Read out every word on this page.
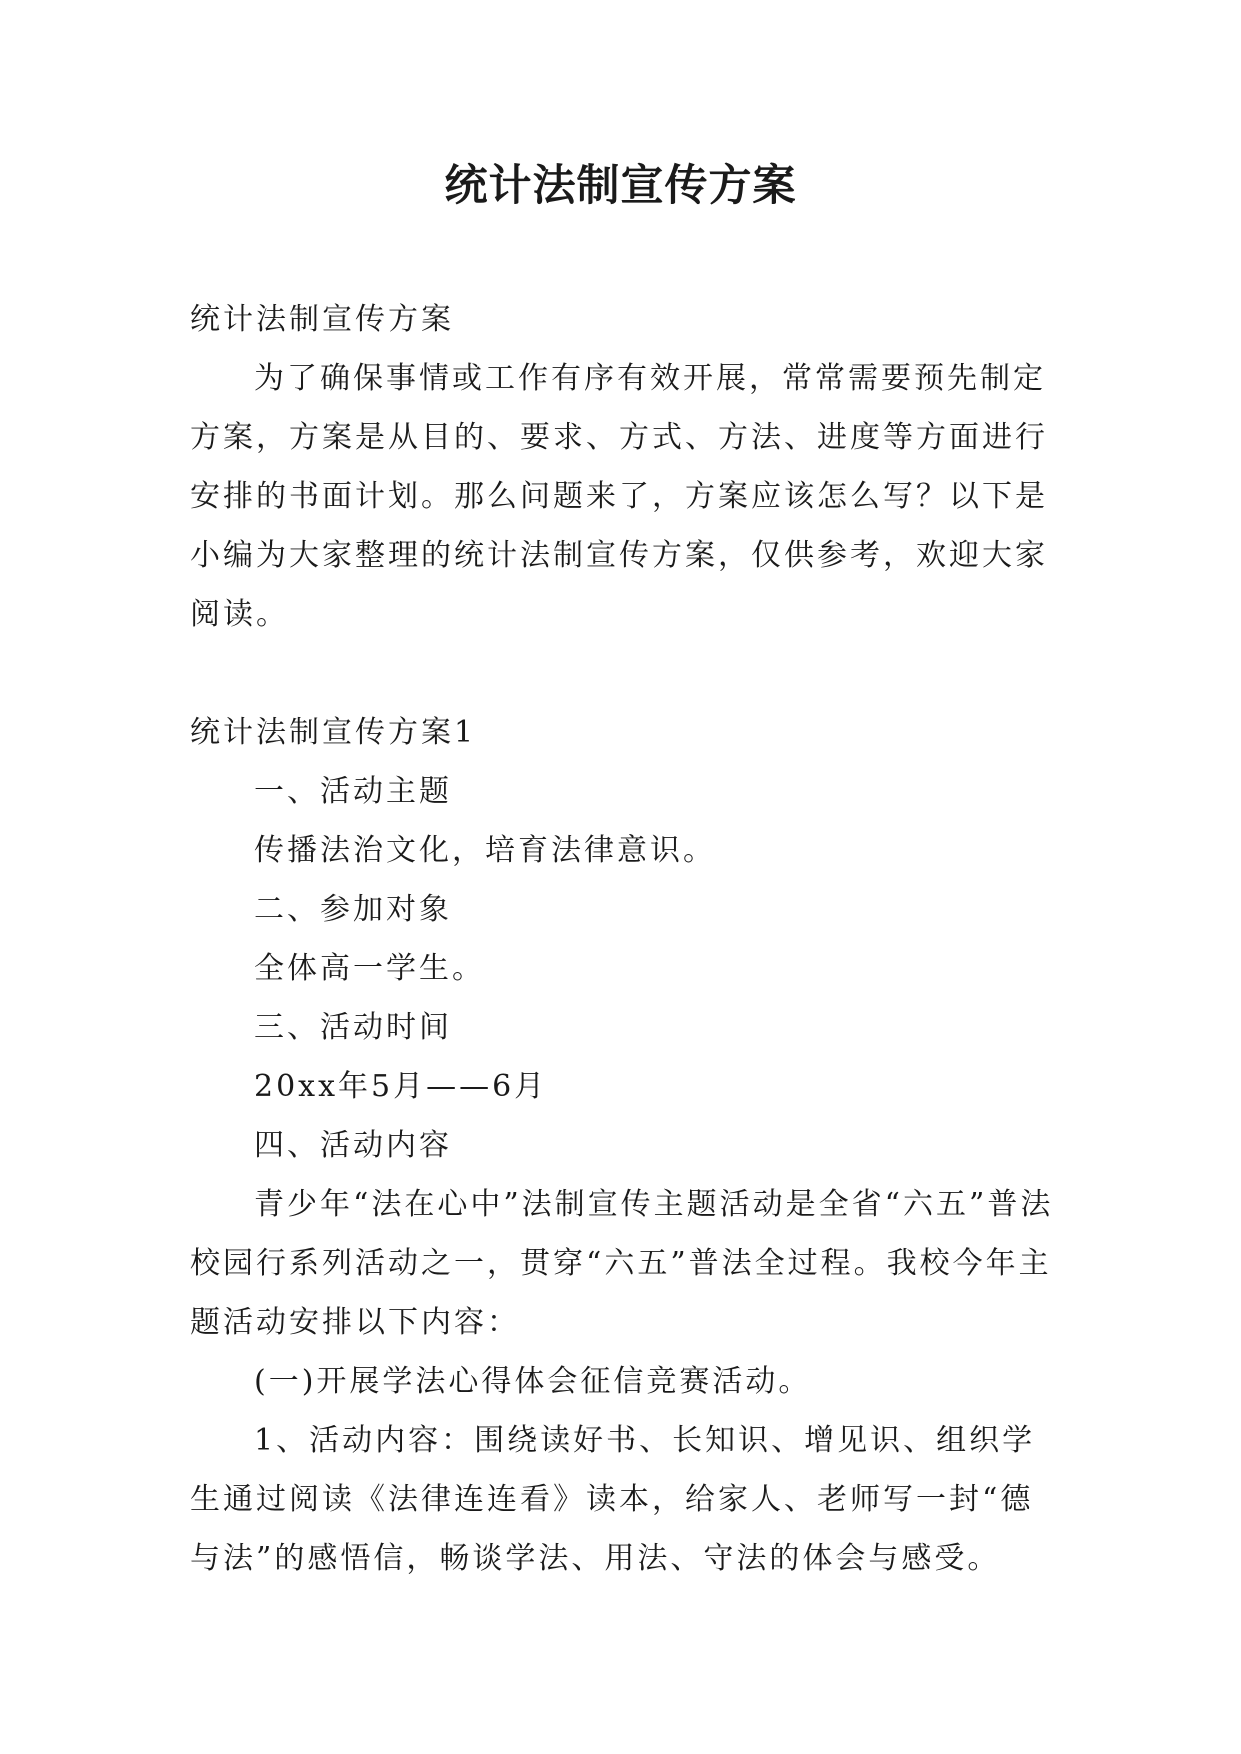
统计法制宣传方案

统计法制宣传方案

为了确保事情或工作有序有效开展，常常需要预先制定方案，方案是从目的、要求、方式、方法、进度等方面进行安排的书面计划。那么问题来了，方案应该怎么写？以下是小编为大家整理的统计法制宣传方案，仅供参考，欢迎大家阅读。

统计法制宣传方案1

一、活动主题

传播法治文化，培育法律意识。

二、参加对象

全体高一学生。

三、活动时间

20xx年5月——6月

四、活动内容

青少年“法在心中”法制宣传主题活动是全省“六五”普法校园行系列活动之一，贯穿“六五”普法全过程。我校今年主题活动安排以下内容：

(一)开展学法心得体会征信竞赛活动。

1、活动内容：围绕读好书、长知识、增见识、组织学生通过阅读《法律连连看》读本，给家人、老师写一封“德与法”的感悟信，畅谈学法、用法、守法的体会与感受。
